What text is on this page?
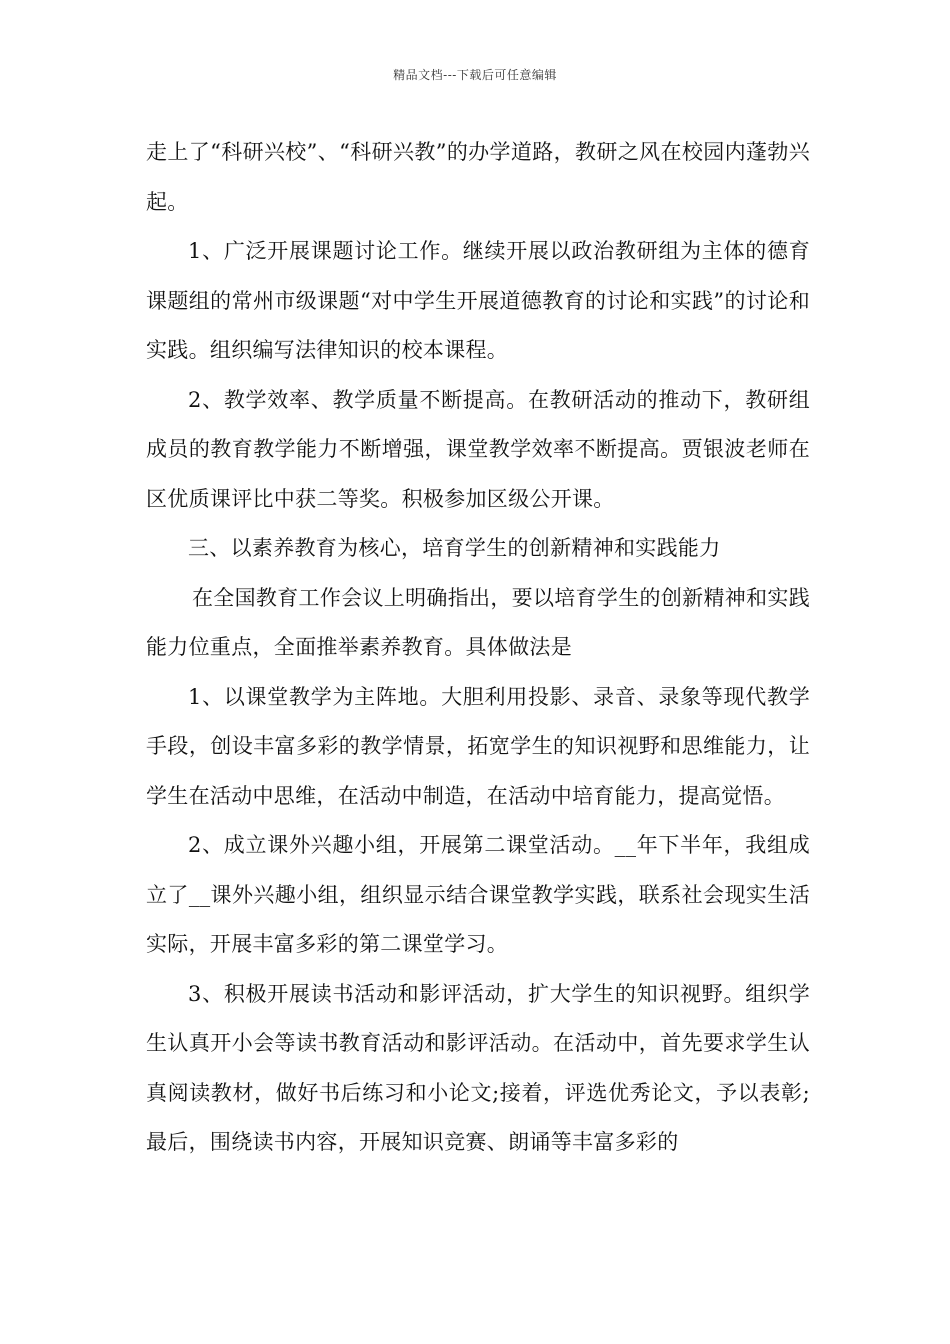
精品文档---下载后可任意编辑

走上了“科研兴校”、“科研兴教”的办学道路，教研之风在校园内蓬勃兴起。

1、广泛开展课题讨论工作。继续开展以政治教研组为主体的德育课题组的常州市级课题“对中学生开展道德教育的讨论和实践”的讨论和实践。组织编写法律知识的校本课程。

2、教学效率、教学质量不断提高。在教研活动的推动下，教研组成员的教育教学能力不断增强，课堂教学效率不断提高。贾银波老师在区优质课评比中获二等奖。积极参加区级公开课。

三、以素养教育为核心，培育学生的创新精神和实践能力

在全国教育工作会议上明确指出，要以培育学生的创新精神和实践能力位重点，全面推举素养教育。具体做法是

1、以课堂教学为主阵地。大胆利用投影、录音、录象等现代教学手段，创设丰富多彩的教学情景，拓宽学生的知识视野和思维能力，让学生在活动中思维，在活动中制造，在活动中培育能力，提高觉悟。

2、成立课外兴趣小组，开展第二课堂活动。__年下半年，我组成立了__课外兴趣小组，组织显示结合课堂教学实践，联系社会现实生活实际，开展丰富多彩的第二课堂学习。

3、积极开展读书活动和影评活动，扩大学生的知识视野。组织学生认真开小会等读书教育活动和影评活动。在活动中，首先要求学生认真阅读教材，做好书后练习和小论文;接着，评选优秀论文，予以表彰;最后，围绕读书内容，开展知识竞赛、朗诵等丰富多彩的
